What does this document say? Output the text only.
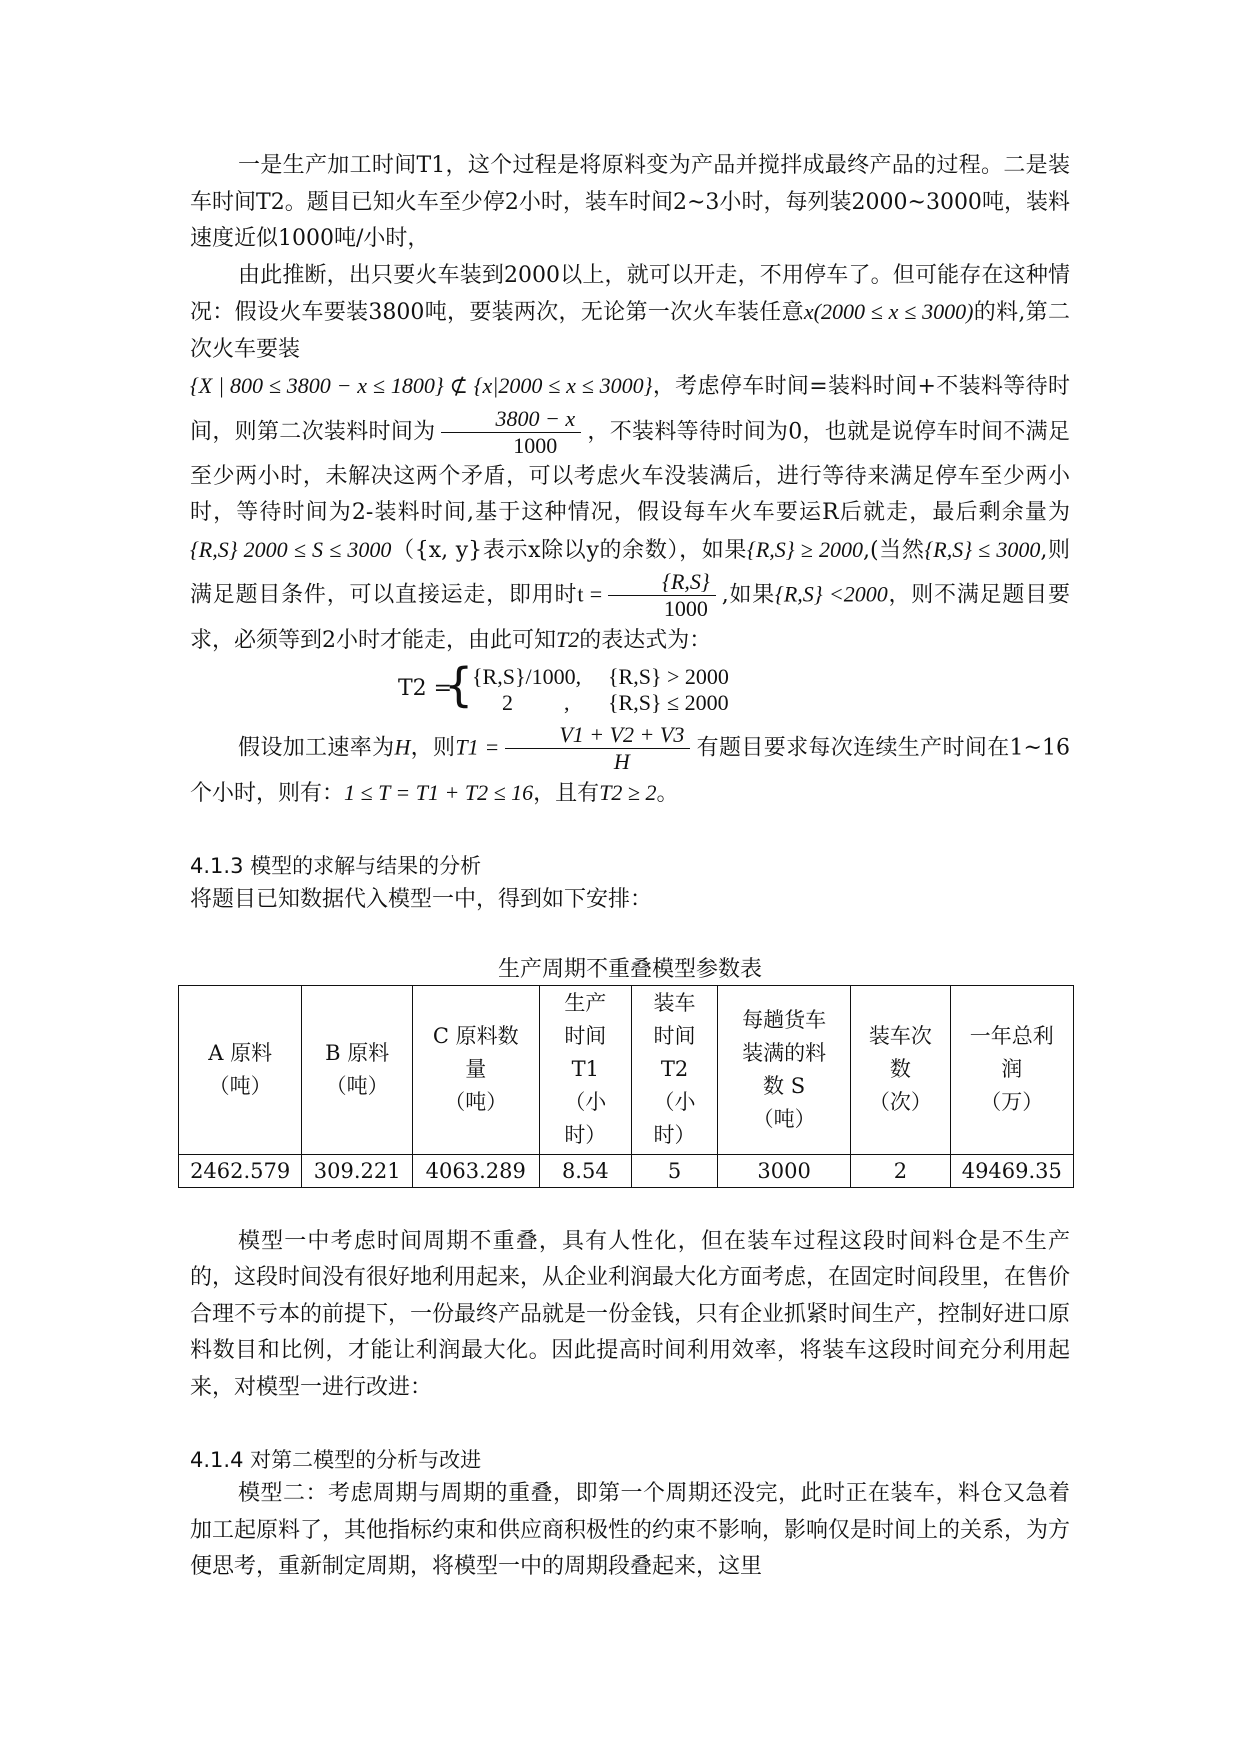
一是生产加工时间T1，这个过程是将原料变为产品并搅拌成最终产品的过程。二是装车时间T2。题目已知火车至少停2小时，装车时间2~3小时，每列装2000~3000吨，装料速度近似1000吨/小时，

由此推断，出只要火车装到2000以上，就可以开走，不用停车了。但可能存在这种情况：假设火车要装3800吨，要装两次，无论第一次火车装任意x(2000 ≤ x ≤ 3000)的料,第二次火车要装
{X | 800 ≤ 3800 − x ≤ 1800} ⊄ {x|2000 ≤ x ≤ 3000}，考虑停车时间=装料时间+不装料等待时间，则第二次装料时间为 $\frac{3800 - x}{1000}$ ，不装料等待时间为0，也就是说停车时间不满足至少两小时，未解决这两个矛盾，可以考虑火车没装满后，进行等待来满足停车至少两小时，等待时间为2-装料时间,基于这种情况，假设每车火车要运R后就走，最后剩余量为{R,S} 2000 ≤ S ≤ 3000（{x, y}表示x除以y的余数），如果{R,S} ≥ 2000,(当然{R,S} ≤ 3000,则满足题目条件，可以直接运走，即用时$t = \frac{\{R,S\}}{1000}$ ,如果{R,S} <2000，则不满足题目要求，必须等到2小时才能走，由此可知T2的表达式为：

T2 =
{
{R,S}/1000, {R,S} > 2000
2 , {R,S} ≤ 2000

假设加工速率为H，则$T1 = \frac{V1 + V2 + V3}{H}$ 有题目要求每次连续生产时间在1~16个小时，则有：1 ≤ T = T1 + T2 ≤ 16，且有T2 ≥ 2。

4.1.3 模型的求解与结果的分析

将题目已知数据代入模型一中，得到如下安排：

生产周期不重叠模型参数表
A 原料
（吨）	B 原料
（吨）	C 原料数
量
（吨）	生产
时间
T1
（小
时）	装车
时间
T2
（小
时）	每趟货车
装满的料
数 S
（吨）	装车次
数
（次）	一年总利
润
（万）
2462.579	309.221	4063.289	8.54	5	3000	2	49469.35

模型一中考虑时间周期不重叠，具有人性化，但在装车过程这段时间料仓是不生产的，这段时间没有很好地利用起来，从企业利润最大化方面考虑，在固定时间段里，在售价合理不亏本的前提下，一份最终产品就是一份金钱，只有企业抓紧时间生产，控制好进口原料数目和比例，才能让利润最大化。因此提高时间利用效率，将装车这段时间充分利用起来，对模型一进行改进：

4.1.4 对第二模型的分析与改进

模型二：考虑周期与周期的重叠，即第一个周期还没完，此时正在装车，料仓又急着加工起原料了，其他指标约束和供应商积极性的约束不影响，影响仅是时间上的关系，为方便思考，重新制定周期，将模型一中的周期段叠起来，这里
